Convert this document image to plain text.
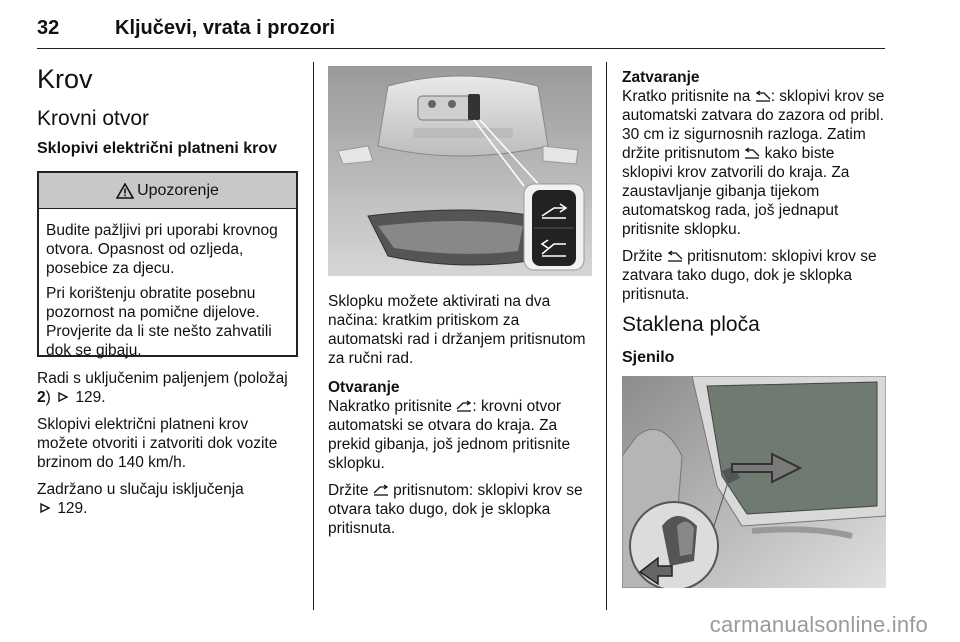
32	Ključevi, vrata i prozori
Krov
Krovni otvor
Sklopivi električni platneni krov
Upozorenje

Budite pažljivi pri uporabi krovnog otvora. Opasnost od ozljeda, posebice za djecu.

Pri korištenju obratite posebnu pozornost na pomične dijelove. Provjerite da li ste nešto zahvatili dok se gibaju.

Radi s uključenim paljenjem (položaj 2)  129.

Sklopivi električni platneni krov možete otvoriti i zatvoriti dok vozite brzinom do 140 km/h.

Zadržano u slučaju isključenja

129.

Sklopku možete aktivirati na dva načina: kratkim pritiskom za automatski rad i držanjem pritisnutom za ručni rad.

Otvaranje

Nakratko pritisnite : krovni otvor automatski se otvara do kraja. Za prekid gibanja, još jednom pritisnite sklopku.

Držite  pritisnutom: sklopivi krov se otvara tako dugo, dok je sklopka pritisnuta.

Zatvaranje

Kratko pritisnite na : sklopivi krov se automatski zatvara do zazora od pribl. 30 cm iz sigurnosnih razloga. Zatim držite pritisnutom  kako biste sklopivi krov zatvorili do kraja. Za zaustavljanje gibanja tijekom automatskog rada, još jednaput pritisnite sklopku.

Držite  pritisnutom: sklopivi krov se zatvara tako dugo, dok je sklopka pritisnuta.

Staklena ploča
Sjenilo
carmanualsonline.info
